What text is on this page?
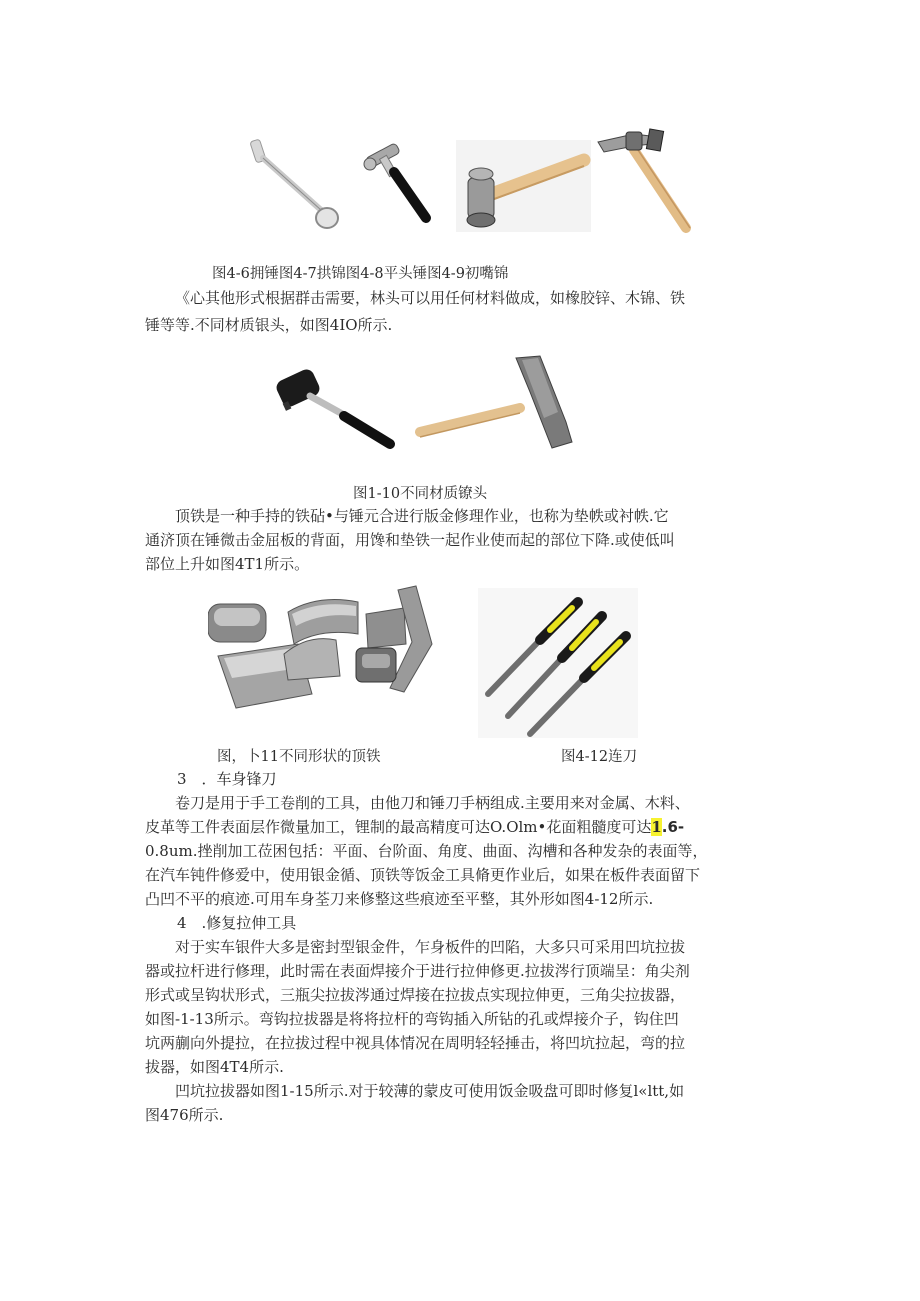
图4-6拥锤图4-7拱锦图4-8平头锤图4-9初嘴锦
《心其他形式根据群击需要，林头可以用任何材料做成，如橡胶锌、木锦、铁
锤等等.不同材质银头，如图4IO所示.
图1-10不同材质镣头
顶铁是一种手持的铁砧•与锤元合进行版金修理作业，也称为垫帙或衬帙.它
通济顶在锤微击金屈板的背面，用馋和垫铁一起作业使而起的部位下降.或使低叫
部位上升如图4T1所示。
图，卜11不同形状的顶铁	图4-12连刀
3　．车身锋刀
卷刀是用于手工卷削的工具，由他刀和锤刀手柄组成.主要用来对金属、木料、
皮革等工件表面层作微量加工，锂制的最高精度可达O.Olm•花面粗髓度可达1.6-
0.8um.挫削加工莅困包括：平面、台阶面、角度、曲面、沟槽和各种发杂的表面等，
在汽车钝件修爱中，使用银金循、顶铁等饭金工具脩更作业后，如果在板件表面留下
凸凹不平的痕迹.可用车身荃刀来修整这些痕迹至平整，其外形如图4-12所示.
4　.修复拉伸工具
对于实车银件大多是密封型银金件，乍身板件的凹陷，大多只可采用凹坑拉拔
器或拉杆进行修理，此时需在表面焊接介于进行拉伸修更.拉拔涔行顶端呈：角尖剂
形式或呈钩状形式，三瓶尖拉拔涔通过焊接在拉拔点实现拉伸更，三角尖拉拔器，
如图-1-13所示。弯钩拉拔器是将将拉杆的弯钩插入所钻的孔或焊接介子，钩住凹
坑两蒯向外提拉，在拉拔过程中视具体情况在周明轻轻捶击，将凹坑拉起，弯的拉
拔器，如图4T4所示.
凹坑拉拔器如图1-15所示.对于较薄的蒙皮可使用饭金吸盘可即时修复l«ltt,如
图476所示.
